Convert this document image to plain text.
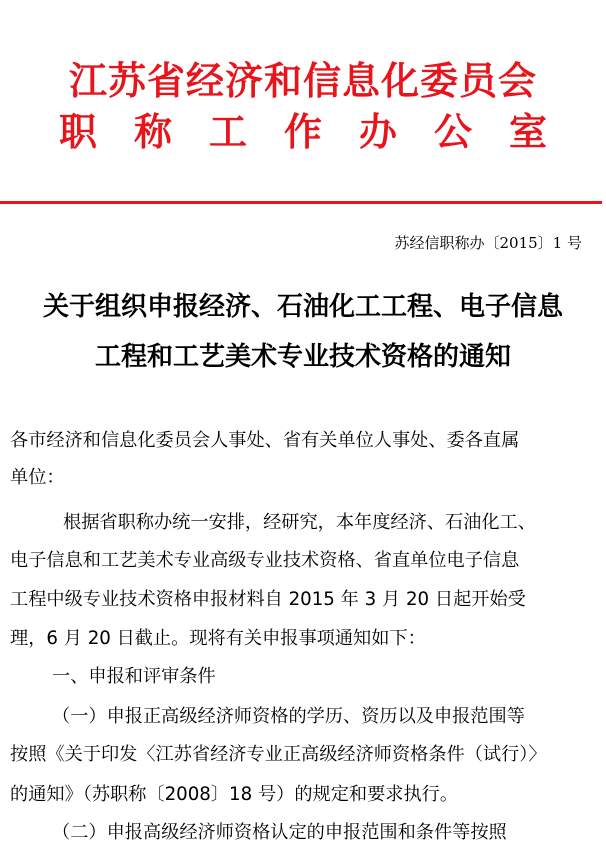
江苏省经济和信息化委员会
职称工作办公室
苏经信职称办〔2015〕1 号
关于组织申报经济、石油化工工程、电子信息
工程和工艺美术专业技术资格的通知
各市经济和信息化委员会人事处、省有关单位人事处、委各直属
单位：
根据省职称办统一安排，经研究，本年度经济、石油化工、
电子信息和工艺美术专业高级专业技术资格、省直单位电子信息
工程中级专业技术资格申报材料自 2015 年 3 月 20 日起开始受
理，6 月 20 日截止。现将有关申报事项通知如下：
一、申报和评审条件
（一）申报正高级经济师资格的学历、资历以及申报范围等
按照《关于印发〈江苏省经济专业正高级经济师资格条件（试行）〉
的通知》（苏职称〔2008〕18 号）的规定和要求执行。
（二）申报高级经济师资格认定的申报范围和条件等按照
